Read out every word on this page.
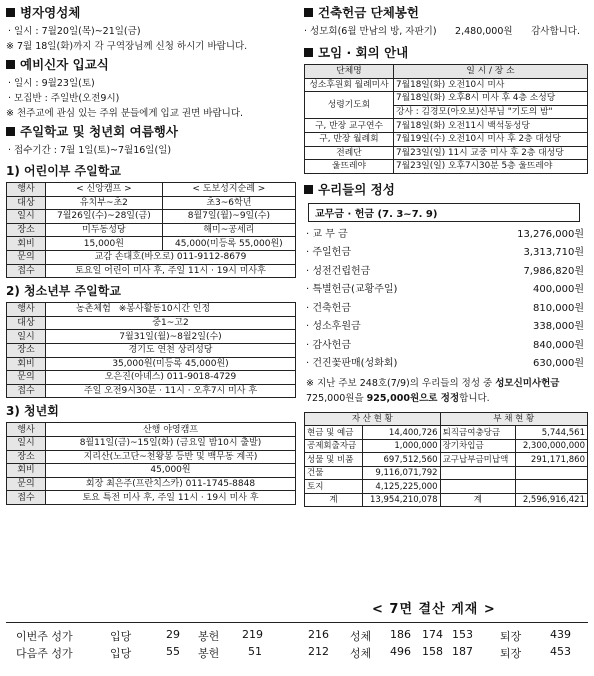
병자영성체
· 일시 : 7월20일(목)~21일(금)
※ 7월 18일(화)까지 각 구역장님께 신청 하시기 바랍니다.
예비신자 입교식
· 일시 : 9월23일(토)
· 모집반 : 주일반(오전9시)
※ 천주교에 관심 있는 주위 분들에게 입교 권면 바랍니다.
주일학교 및 청년회 여름행사
· 접수기간 : 7월 1일(토)~7월16일(일)
1) 어린이부 주일학교
행사	< 신앙캠프 >	< 도보성지순례 >
대상	유치부~초2	초3~6학년
일시	7월26일(수)~28일(금)	8월7일(월)~9일(수)
장소	미두동성당	해미~공세리
회비	15,000원	45,000(미등록 55,000원)
문의	교감 손대호(바오로) 011-9112-8679	
접수	토요일 어린이 미사 후, 주일 11시 · 19시 미사후	
2) 청소년부 주일학교
행사	농촌체험 ※봉사활동10시간 인정
대상	중1~고2
일시	7월31일(월)~8월2일(수)
장소	경기도 연천 상리성당
회비	35,000원(미등록 45,000원)
문의	오은진(아녜스) 011-9018-4729
접수	주일 오전9시30분 · 11시 · 오후7시 미사 후
3) 청년회
행사	산행 야영캠프
일시	8월11일(금)~15일(화) (금요일 밤10시 출발)
장소	지리산(노고단~천왕봉 등반 및 백무동 계곡)
회비	45,000원
문의	회장 최은주(프란치스카) 011-1745-8848
접수	토요 특전 미사 후, 주일 11시 · 19시 미사 후
건축헌금 단체봉헌
· 성모회(6월 만남의 방, 자판기) 2,480,000원 감사합니다.
모임 · 회의 안내
단체명	일 시 / 장 소
성소후원회 월례미사	7월18일(화) 오전10시 미사
성령기도회	7월18일(화) 오후8시 미사 후 4층 소성당
	강사 : 김경모(아오보)신부님 "기도의 밤"
구, 반장 교구연수	7월18일(화) 오전11시 백석동성당
구, 반장 월례회	7월19일(수) 오전10시 미사 후 2층 대성당
전례단	7월23일(일) 11시 교중 미사 후 2층 대성당
울뜨레야	7월23일(일) 오후7시30분 5층 울뜨레야
우리들의 정성
교무금 · 헌금 (7. 3~7. 9)
· 교 무 금	13,276,000원
· 주일헌금	3,313,710원
· 성전건립헌금	7,986,820원
· 특별헌금(교황주일)	400,000원
· 건축헌금	810,000원
· 성소후원금	338,000원
· 감사헌금	840,000원
· 건진꽃판매(성화회)	630,000원
※ 지난 주보 248호(7/9)의 우리들의 정성 중 성모신미사헌금 725,000원을 925,000원으로 정정합니다.
자 산 현 황		부 채 현 황	
현금 및 예금	14,400,726	퇴직금여충당금	5,744,561
공제회출자금	1,000,000	장기차입금	2,300,000,000
성물 및 비품	697,512,560	교구납부금미납액	291,171,860
건물	9,116,071,792		
토지	4,125,225,000		
계	13,954,210,078	계	2,596,916,421
< 7면 결산 게재 >
이번주 성가	입당	29 봉헌 219	216 성체 186 174 153 퇴장	439
다음주 성가	입당	55 봉헌	51	212 성체 496 158 187 퇴장	453
